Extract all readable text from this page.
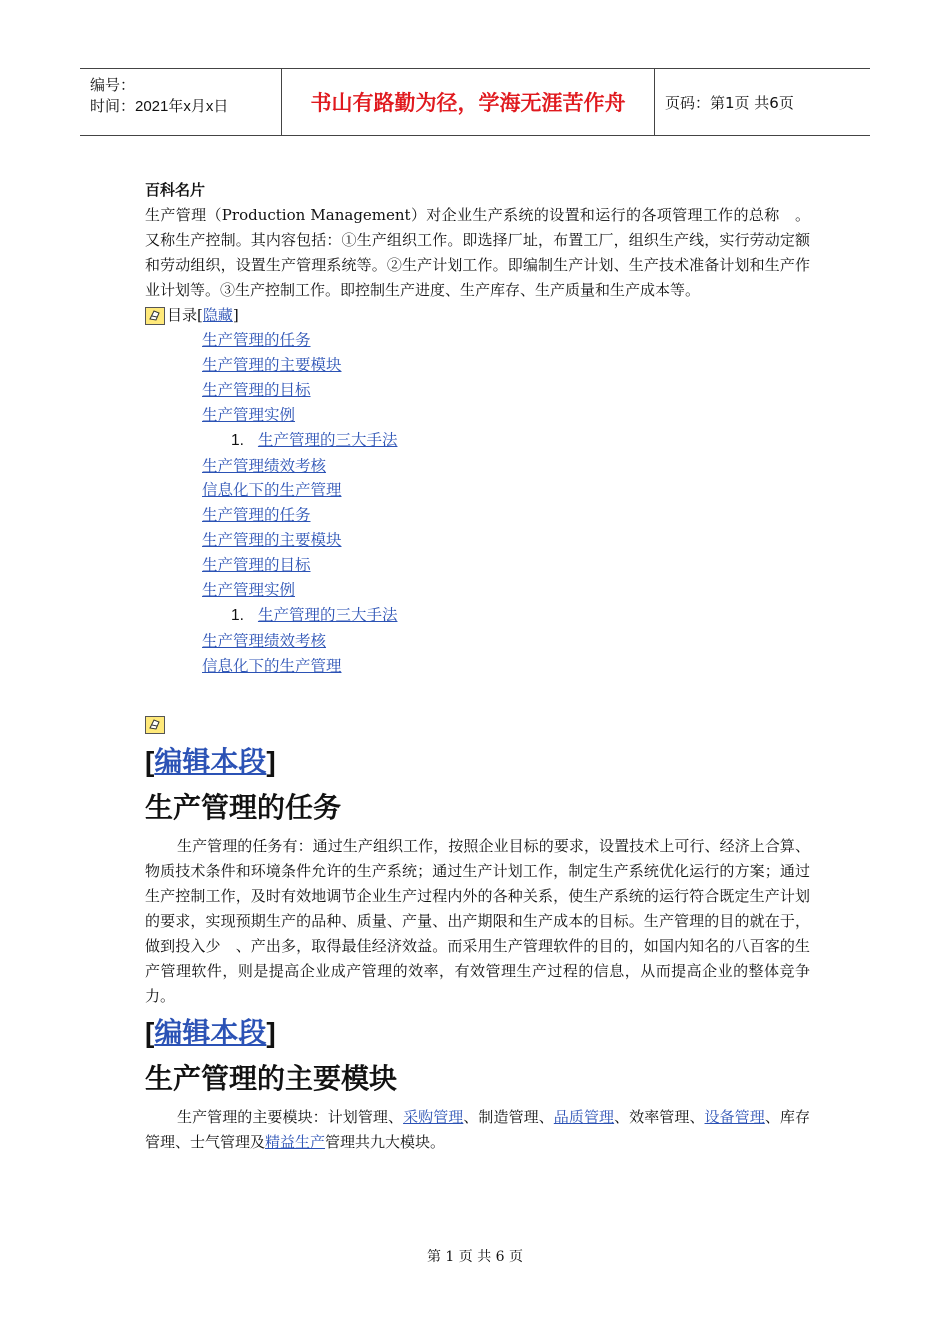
编号：
时间：2021年x月x日	书山有路勤为径，学海无涯苦作舟	页码：第1页 共6页
百科名片

生产管理（Production Management）对企业生产系统的设置和运行的各项管理工作的总称　。又称生产控制。其内容包括：①生产组织工作。即选择厂址，布置工厂，组织生产线，实行劳动定额和劳动组织，设置生产管理系统等。②生产计划工作。即编制生产计划、生产技术准备计划和生产作业计划等。③生产控制工作。即控制生产进度、生产库存、生产质量和生产成本等。

目录[ 隐藏 ]
生产管理的任务
生产管理的主要模块
生产管理的目标
生产管理实例
1. 生产管理的三大手法
生产管理绩效考核
信息化下的生产管理
生产管理的任务
生产管理的主要模块
生产管理的目标
生产管理实例
1. 生产管理的三大手法
生产管理绩效考核
信息化下的生产管理

[编辑本段]

生产管理的任务

生产管理的任务有：通过生产组织工作，按照企业目标的要求，设置技术上可行、经济上合算、物质技术条件和环境条件允许的生产系统；通过生产计划工作，制定生产系统优化运行的方案；通过生产控制工作，及时有效地调节企业生产过程内外的各种关系，使生产系统的运行符合既定生产计划的要求，实现预期生产的品种、质量、产量、出产期限和生产成本的目标。生产管理的目的就在于，做到投入少　、产出多，取得最佳经济效益。而采用生产管理软件的目的，如国内知名的八百客的生产管理软件，则是提高企业成产管理的效率，有效管理生产过程的信息，从而提高企业的整体竞争力。

[编辑本段]

生产管理的主要模块

生产管理的主要模块：计划管理、采购管理、制造管理、品质管理、效率管理、设备管理、库存管理、士气管理及精益生产管理共九大模块。

第 1 页 共 6 页
